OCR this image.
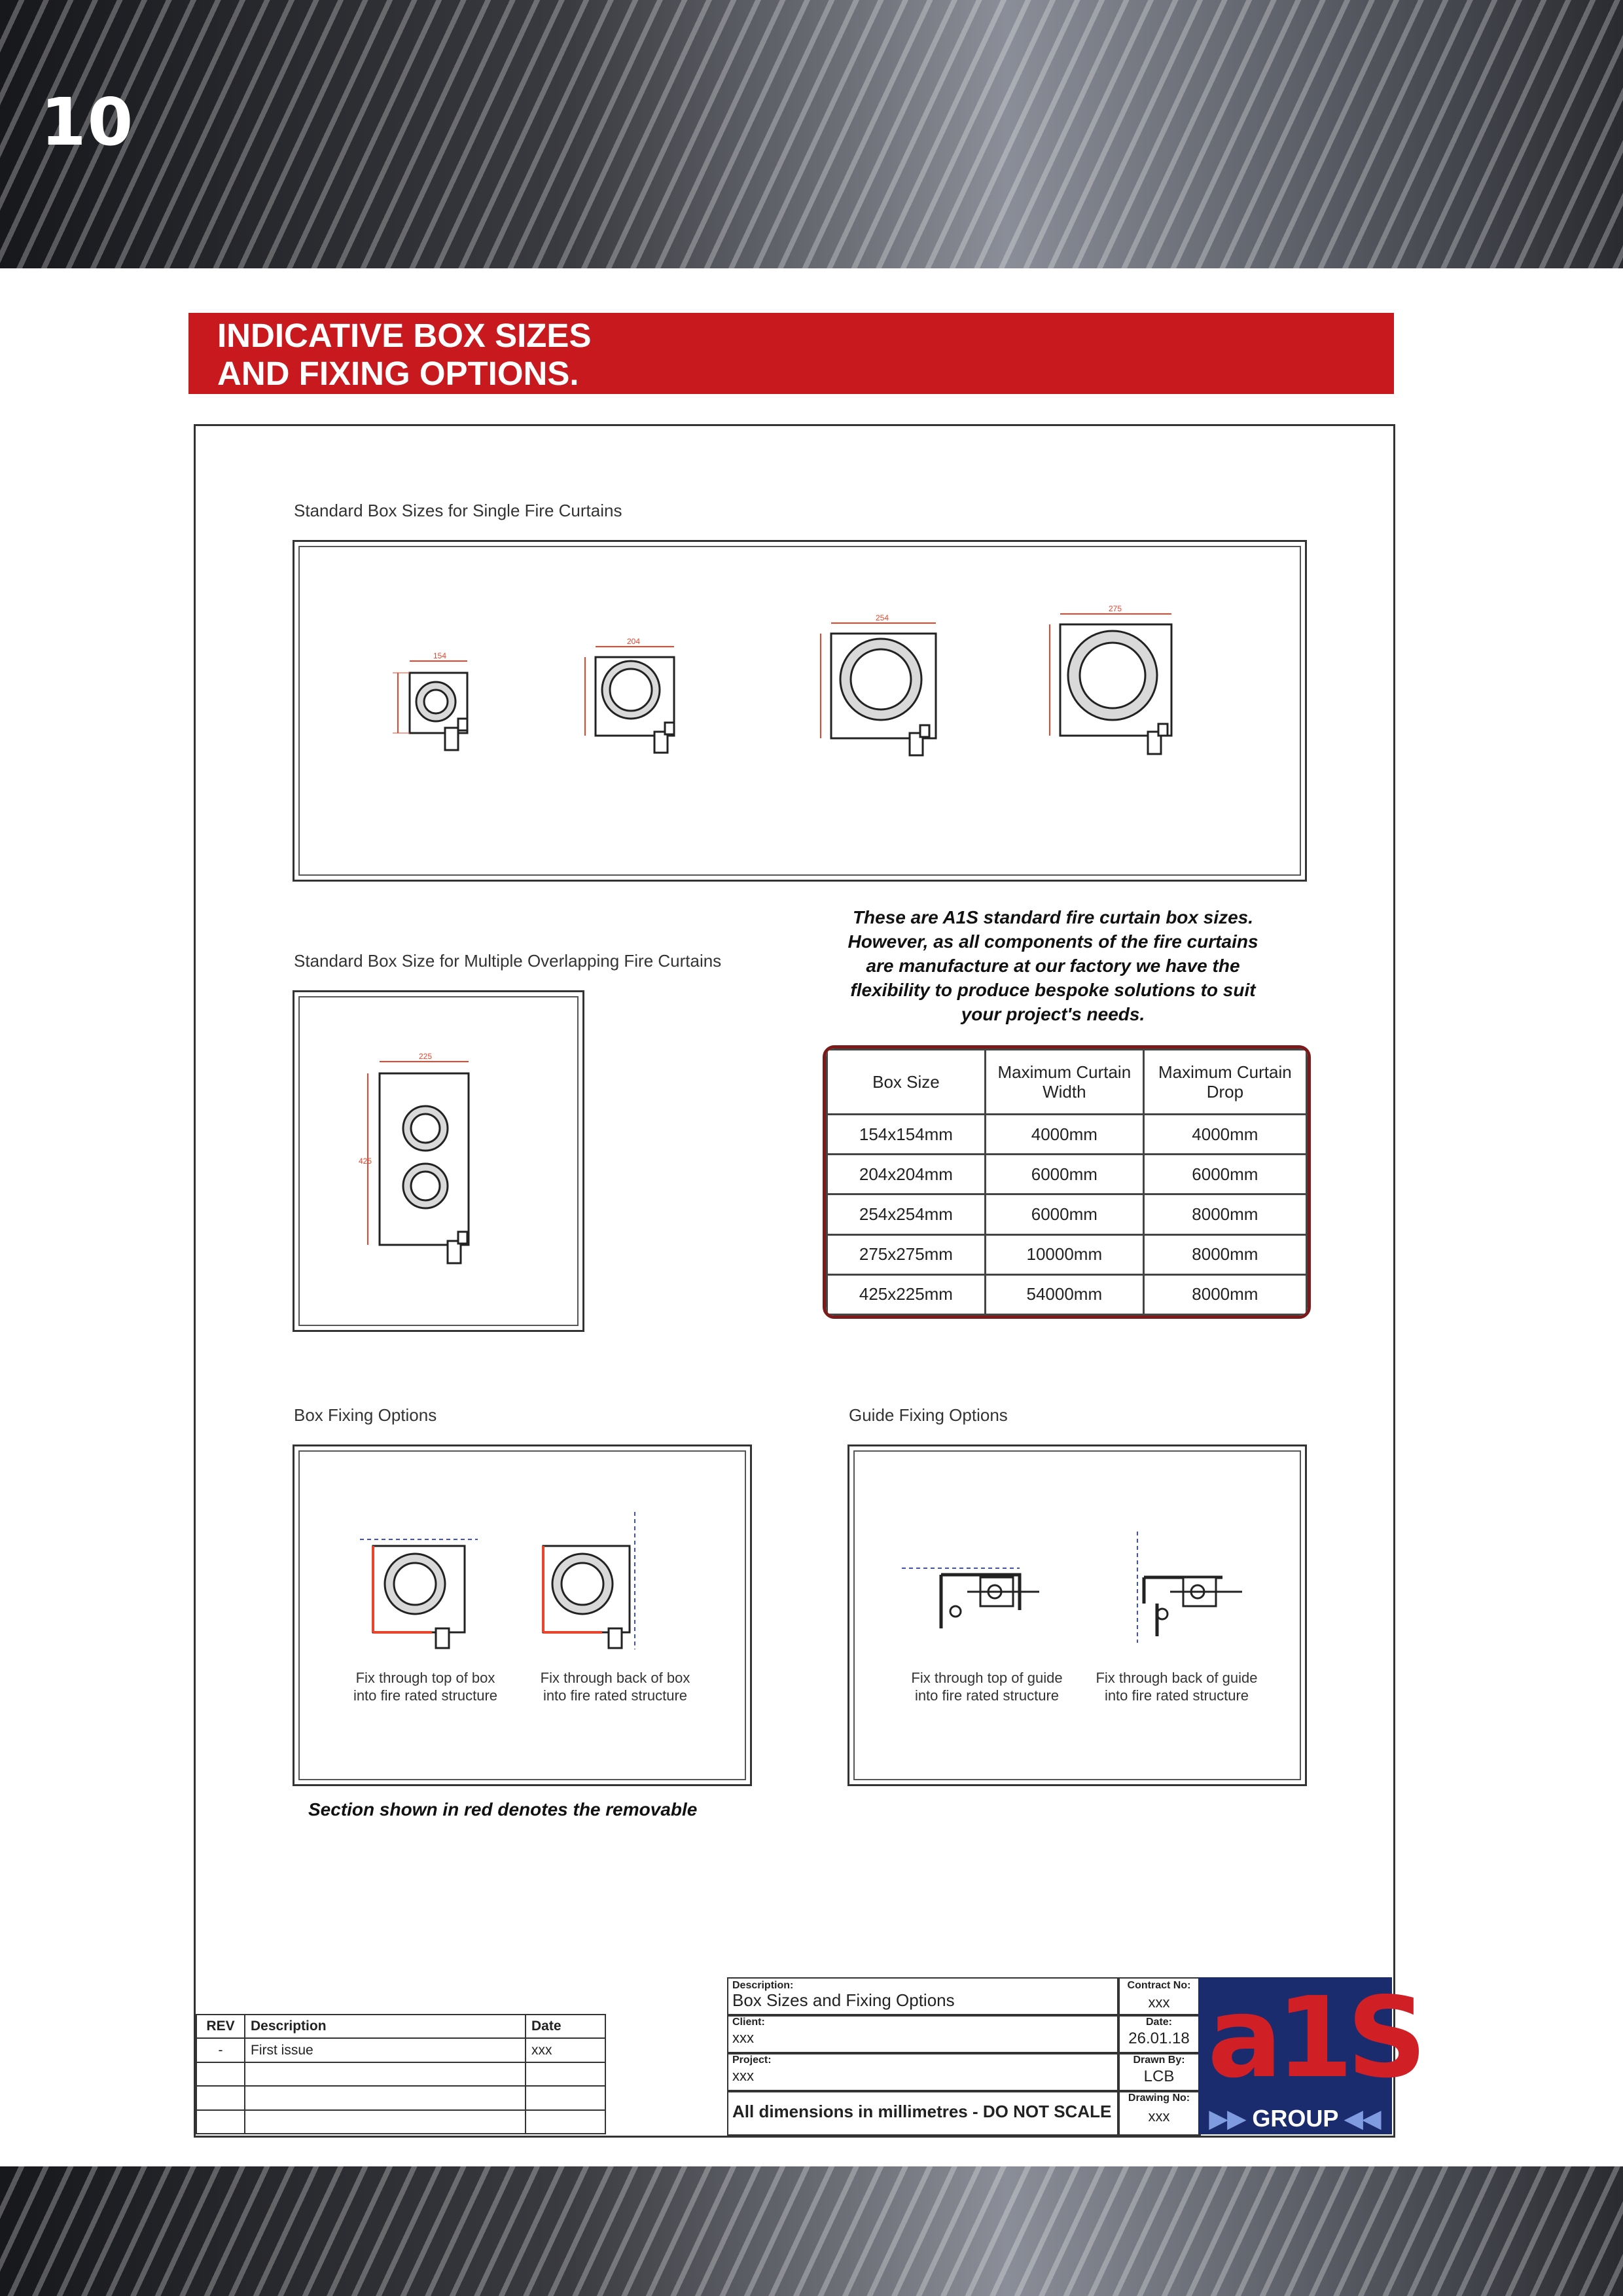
10
INDICATIVE BOX SIZES
AND FIXING OPTIONS.
Standard Box Sizes for Single Fire Curtains
154
204
254
275
Standard Box Size for Multiple Overlapping Fire Curtains
225
425
These are A1S standard fire curtain box sizes.
However, as all components of the fire curtains
are manufacture at our factory we have the
flexibility to produce bespoke solutions to suit
your project's needs.
Box Size	Maximum Curtain Width	Maximum Curtain Drop
154x154mm	4000mm	4000mm
204x204mm	6000mm	6000mm
254x254mm	6000mm	8000mm
275x275mm	10000mm	8000mm
425x225mm	54000mm	8000mm
Box Fixing Options
Fix through top of box
into fire rated structure
Fix through back of box
into fire rated structure
Guide Fixing Options
Fix through top of guide
into fire rated structure
Fix through back of guide
into fire rated structure
Section shown in red denotes the removable
REV	Description	Date
-	First issue	xxx

Description:
Box Sizes and Fixing Options
Client:
xxx
Project:
xxx
All dimensions in millimetres - DO NOT SCALE
Contract No:
xxx
Date:
26.01.18
Drawn By:
LCB
Drawing No:
xxx
a1S
▶▶ GROUP ◀◀
